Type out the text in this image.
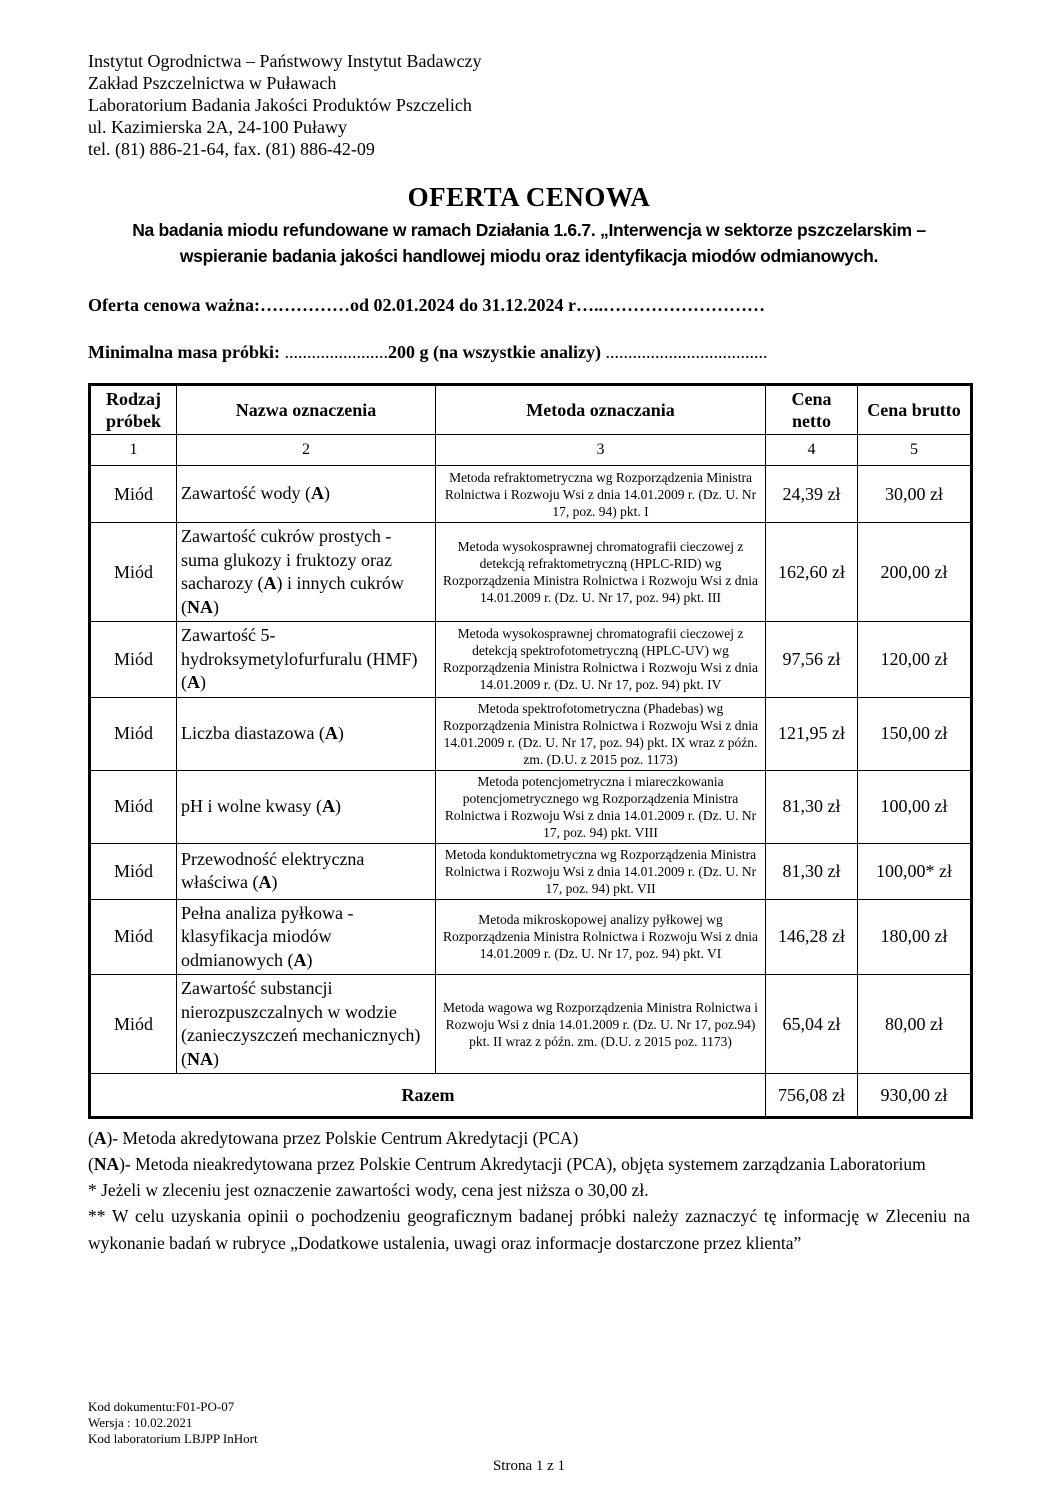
Instytut Ogrodnictwa – Państwowy Instytut Badawczy
Zakład Pszczelnictwa w Puławach
Laboratorium Badania Jakości Produktów Pszczelich
ul. Kazimierska 2A, 24-100 Puławy
tel. (81) 886-21-64, fax. (81) 886-42-09
OFERTA CENOWA
Na badania miodu refundowane w ramach Działania 1.6.7. „Interwencja w sektorze pszczelarskim – wspieranie badania jakości handlowej miodu oraz identyfikacja miodów odmianowych.
Oferta cenowa ważna:……………od 02.01.2024 do 31.12.2024 r…..………………………
Minimalna masa próbki: .......................200 g (na wszystkie analizy) ....................................
Rodzaj próbek	Nazwa oznaczenia	Metoda oznaczania	Cena netto	Cena brutto
1	2	3	4	5
Miód	Zawartość wody (A)	Metoda refraktometryczna wg Rozporządzenia Ministra Rolnictwa i Rozwoju Wsi z dnia 14.01.2009 r. (Dz. U. Nr 17, poz. 94) pkt. I	24,39 zł	30,00 zł
Miód	Zawartość cukrów prostych - suma glukozy i fruktozy oraz sacharozy (A) i innych cukrów (NA)	Metoda wysokosprawnej chromatografii cieczowej z detekcją refraktometryczną (HPLC-RID) wg Rozporządzenia Ministra Rolnictwa i Rozwoju Wsi z dnia 14.01.2009 r. (Dz. U. Nr 17, poz. 94) pkt. III	162,60 zł	200,00 zł
Miód	Zawartość 5-hydroksymetylofurfuralu (HMF) (A)	Metoda wysokosprawnej chromatografii cieczowej z detekcją spektrofotometryczną (HPLC-UV) wg Rozporządzenia Ministra Rolnictwa i Rozwoju Wsi z dnia 14.01.2009 r. (Dz. U. Nr 17, poz. 94) pkt. IV	97,56 zł	120,00 zł
Miód	Liczba diastazowa (A)	Metoda spektrofotometryczna (Phadebas) wg Rozporządzenia Ministra Rolnictwa i Rozwoju Wsi z dnia 14.01.2009 r. (Dz. U. Nr 17, poz. 94) pkt. IX wraz z późn. zm. (D.U. z 2015 poz. 1173)	121,95 zł	150,00 zł
Miód	pH i wolne kwasy (A)	Metoda potencjometryczna i miareczkowania potencjometrycznego wg Rozporządzenia Ministra Rolnictwa i Rozwoju Wsi z dnia 14.01.2009 r. (Dz. U. Nr 17, poz. 94) pkt. VIII	81,30 zł	100,00 zł
Miód	Przewodność elektryczna właściwa (A)	Metoda konduktometryczna wg Rozporządzenia Ministra Rolnictwa i Rozwoju Wsi z dnia 14.01.2009 r. (Dz. U. Nr 17, poz. 94) pkt. VII	81,30 zł	100,00* zł
Miód	Pełna analiza pyłkowa - klasyfikacja miodów odmianowych (A)	Metoda mikroskopowej analizy pyłkowej wg Rozporządzenia Ministra Rolnictwa i Rozwoju Wsi z dnia 14.01.2009 r. (Dz. U. Nr 17, poz. 94) pkt. VI	146,28 zł	180,00 zł
Miód	Zawartość substancji nierozpuszczalnych w wodzie (zanieczyszczeń mechanicznych) (NA)	Metoda wagowa wg Rozporządzenia Ministra Rolnictwa i Rozwoju Wsi z dnia 14.01.2009 r. (Dz. U. Nr 17, poz.94) pkt. II wraz z późn. zm. (D.U. z 2015 poz. 1173)	65,04 zł	80,00 zł
Razem			756,08 zł	930,00 zł

(A)- Metoda akredytowana przez Polskie Centrum Akredytacji (PCA)

(NA)- Metoda nieakredytowana przez Polskie Centrum Akredytacji (PCA), objęta systemem zarządzania Laboratorium

* Jeżeli w zleceniu jest oznaczenie zawartości wody, cena jest niższa o 30,00 zł.

** W celu uzyskania opinii o pochodzeniu geograficznym badanej próbki należy zaznaczyć tę informację w Zleceniu na wykonanie badań w rubryce „Dodatkowe ustalenia, uwagi oraz informacje dostarczone przez klienta”

Kod dokumentu:F01-PO-07
Wersja : 10.02.2021
Kod laboratorium LBJPP InHort
Strona 1 z 1
